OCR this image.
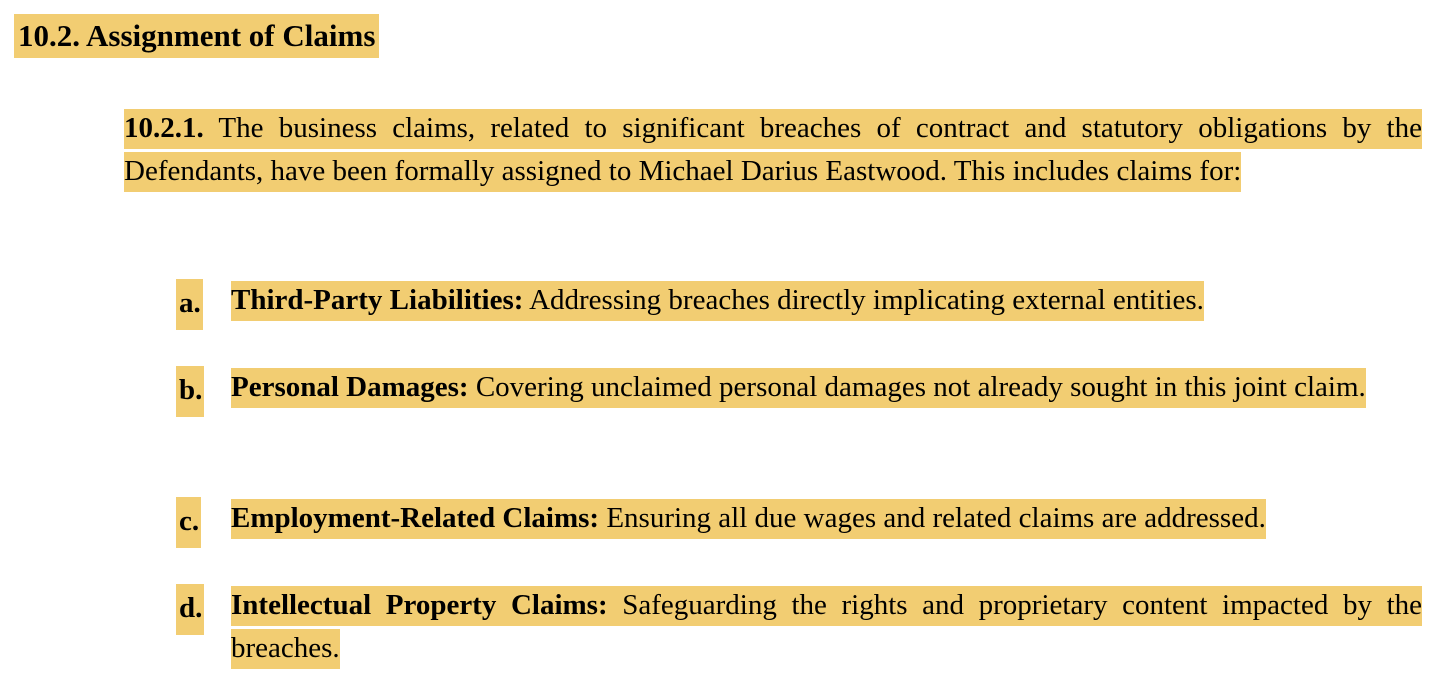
10.2. Assignment of Claims
10.2.1. The business claims, related to significant breaches of contract and statutory obligations by the Defendants, have been formally assigned to Michael Darius Eastwood. This includes claims for:
a. Third-Party Liabilities: Addressing breaches directly implicating external entities.
b. Personal Damages: Covering unclaimed personal damages not already sought in this joint claim.
c. Employment-Related Claims: Ensuring all due wages and related claims are addressed.
d. Intellectual Property Claims: Safeguarding the rights and proprietary content impacted by the breaches.
